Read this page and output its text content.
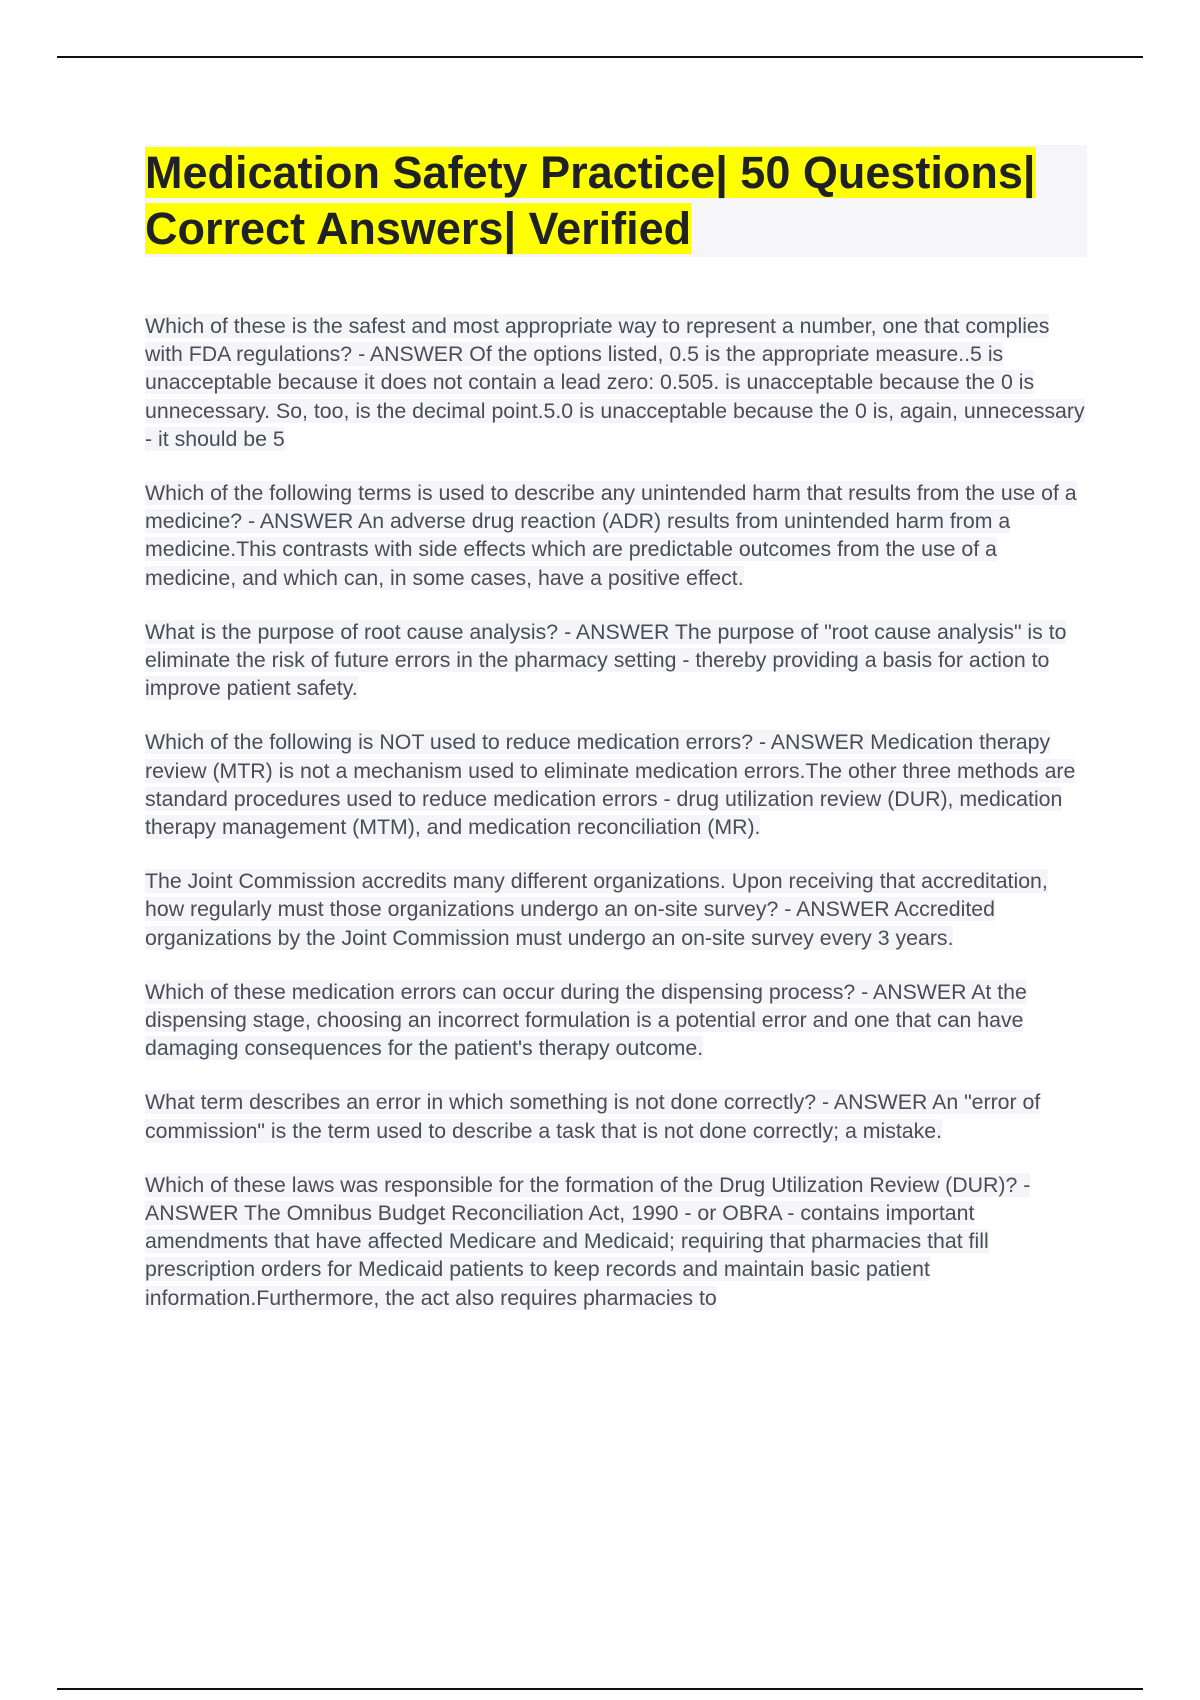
Medication Safety Practice| 50 Questions| Correct Answers| Verified

Which of these is the safest and most appropriate way to represent a number, one that complies with FDA regulations? - ANSWER Of the options listed, 0.5 is the appropriate measure..5 is unacceptable because it does not contain a lead zero: 0.505. is unacceptable because the 0 is unnecessary. So, too, is the decimal point.5.0 is unacceptable because the 0 is, again, unnecessary - it should be 5

Which of the following terms is used to describe any unintended harm that results from the use of a medicine? - ANSWER An adverse drug reaction (ADR) results from unintended harm from a medicine.This contrasts with side effects which are predictable outcomes from the use of a medicine, and which can, in some cases, have a positive effect.

What is the purpose of root cause analysis? - ANSWER The purpose of "root cause analysis" is to eliminate the risk of future errors in the pharmacy setting - thereby providing a basis for action to improve patient safety.

Which of the following is NOT used to reduce medication errors? - ANSWER Medication therapy review (MTR) is not a mechanism used to eliminate medication errors.The other three methods are standard procedures used to reduce medication errors - drug utilization review (DUR), medication therapy management (MTM), and medication reconciliation (MR).

The Joint Commission accredits many different organizations. Upon receiving that accreditation, how regularly must those organizations undergo an on-site survey? - ANSWER Accredited organizations by the Joint Commission must undergo an on-site survey every 3 years.

Which of these medication errors can occur during the dispensing process? - ANSWER At the dispensing stage, choosing an incorrect formulation is a potential error and one that can have damaging consequences for the patient's therapy outcome.

What term describes an error in which something is not done correctly? - ANSWER An "error of commission" is the term used to describe a task that is not done correctly; a mistake.

Which of these laws was responsible for the formation of the Drug Utilization Review (DUR)? - ANSWER The Omnibus Budget Reconciliation Act, 1990 - or OBRA - contains important amendments that have affected Medicare and Medicaid; requiring that pharmacies that fill prescription orders for Medicaid patients to keep records and maintain basic patient information.Furthermore, the act also requires pharmacies to
